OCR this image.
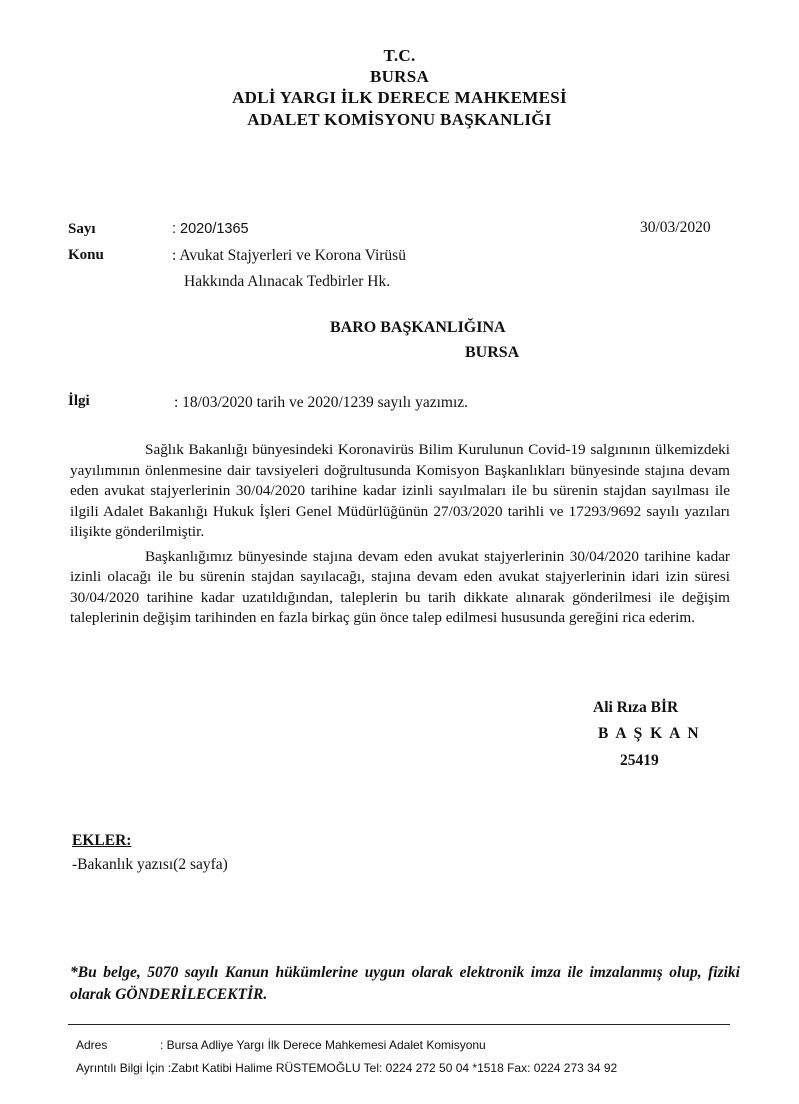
T.C.
BURSA
ADLİ YARGI İLK DERECE MAHKEMESİ
ADALET KOMİSYONU BAŞKANLIĞI
Sayı	: 2020/1365	30/03/2020
Konu	: Avukat Stajyerleri ve Korona Virüsü
Hakkında Alınacak Tedbirler Hk.
BARO BAŞKANLIĞINA
BURSA
İlgi	: 18/03/2020 tarih ve 2020/1239 sayılı yazımız.

Sağlık Bakanlığı bünyesindeki Koronavirüs Bilim Kurulunun Covid-19 salgınının ülkemizdeki yayılımının önlenmesine dair tavsiyeleri doğrultusunda Komisyon Başkanlıkları bünyesinde stajına devam eden avukat stajyerlerinin 30/04/2020 tarihine kadar izinli sayılmaları ile bu sürenin stajdan sayılması ile ilgili Adalet Bakanlığı Hukuk İşleri Genel Müdürlüğünün 27/03/2020 tarihli ve 17293/9692 sayılı yazıları ilişikte gönderilmiştir.

Başkanlığımız bünyesinde stajına devam eden avukat stajyerlerinin 30/04/2020 tarihine kadar izinli olacağı ile bu sürenin stajdan sayılacağı, stajına devam eden avukat stajyerlerinin idari izin süresi 30/04/2020 tarihine kadar uzatıldığından, taleplerin bu tarih dikkate alınarak gönderilmesi ile değişim taleplerinin değişim tarihinden en fazla birkaç gün önce talep edilmesi hususunda gereğini rica ederim.

Ali Rıza BİR
B A Ş K A N
25419
EKLER:
-Bakanlık yazısı(2 sayfa)
*Bu belge, 5070 sayılı Kanun hükümlerine uygun olarak elektronik imza ile imzalanmış olup, fiziki olarak GÖNDERİLECEKTİR.
Adres	: Bursa Adliye Yargı İlk Derece Mahkemesi Adalet Komisyonu
Ayrıntılı Bilgi İçin :Zabıt Katibi Halime RÜSTEMOĞLU Tel: 0224 272 50 04 *1518 Fax: 0224 273 34 92
